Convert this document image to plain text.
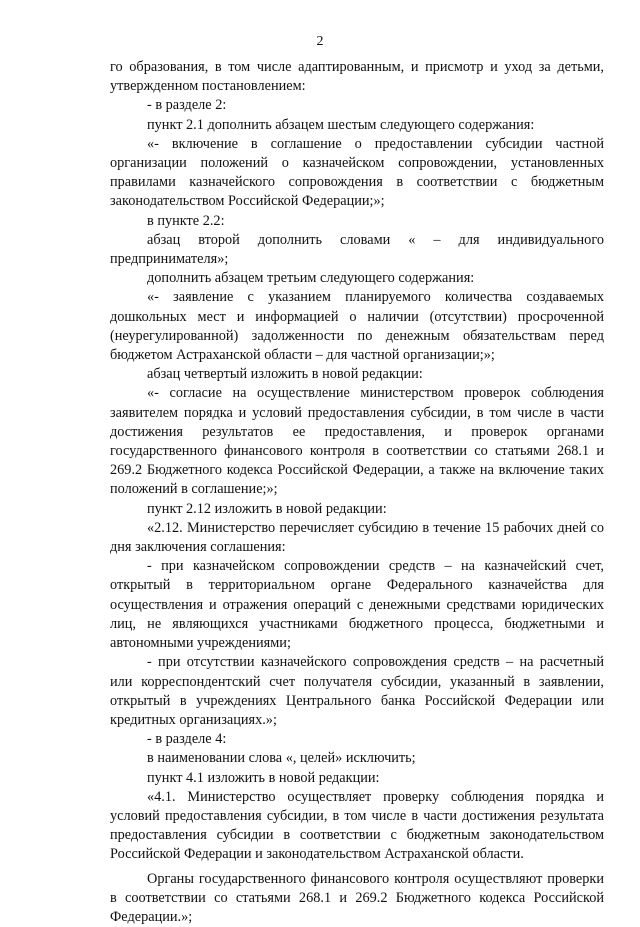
2

го образования, в том числе адаптированным, и присмотр и уход за детьми, утвержденном постановлением:

- в разделе 2:

пункт 2.1 дополнить абзацем шестым следующего содержания:

«- включение в соглашение о предоставлении субсидии частной организации положений о казначейском сопровождении, установленных правилами казначейского сопровождения в соответствии с бюджетным законодательством Российской Федерации;»;

в пункте 2.2:

абзац второй дополнить словами « – для индивидуального предпринимателя»;

дополнить абзацем третьим следующего содержания:

«- заявление с указанием планируемого количества создаваемых дошкольных мест и информацией о наличии (отсутствии) просроченной (неурегулированной) задолженности по денежным обязательствам перед бюджетом Астраханской области – для частной организации;»;

абзац четвертый изложить в новой редакции:

«- согласие на осуществление министерством проверок соблюдения заявителем порядка и условий предоставления субсидии, в том числе в части достижения результатов ее предоставления, и проверок органами государственного финансового контроля в соответствии со статьями 268.1 и 269.2 Бюджетного кодекса Российской Федерации, а также на включение таких положений в соглашение;»;

пункт 2.12 изложить в новой редакции:

«2.12. Министерство перечисляет субсидию в течение 15 рабочих дней со дня заключения соглашения:

- при казначейском сопровождении средств – на казначейский счет, открытый в территориальном органе Федерального казначейства для осуществления и отражения операций с денежными средствами юридических лиц, не являющихся участниками бюджетного процесса, бюджетными и автономными учреждениями;

- при отсутствии казначейского сопровождения средств – на расчетный или корреспондентский счет получателя субсидии, указанный в заявлении, открытый в учреждениях Центрального банка Российской Федерации или кредитных организациях.»;

- в разделе 4:

в наименовании слова «, целей» исключить;

пункт 4.1 изложить в новой редакции:

«4.1. Министерство осуществляет проверку соблюдения порядка и условий предоставления субсидии, в том числе в части достижения результата предоставления субсидии в соответствии с бюджетным законодательством Российской Федерации и законодательством Астраханской области.

Органы государственного финансового контроля осуществляют проверки в соответствии со статьями 268.1 и 269.2 Бюджетного кодекса Российской Федерации.»;
